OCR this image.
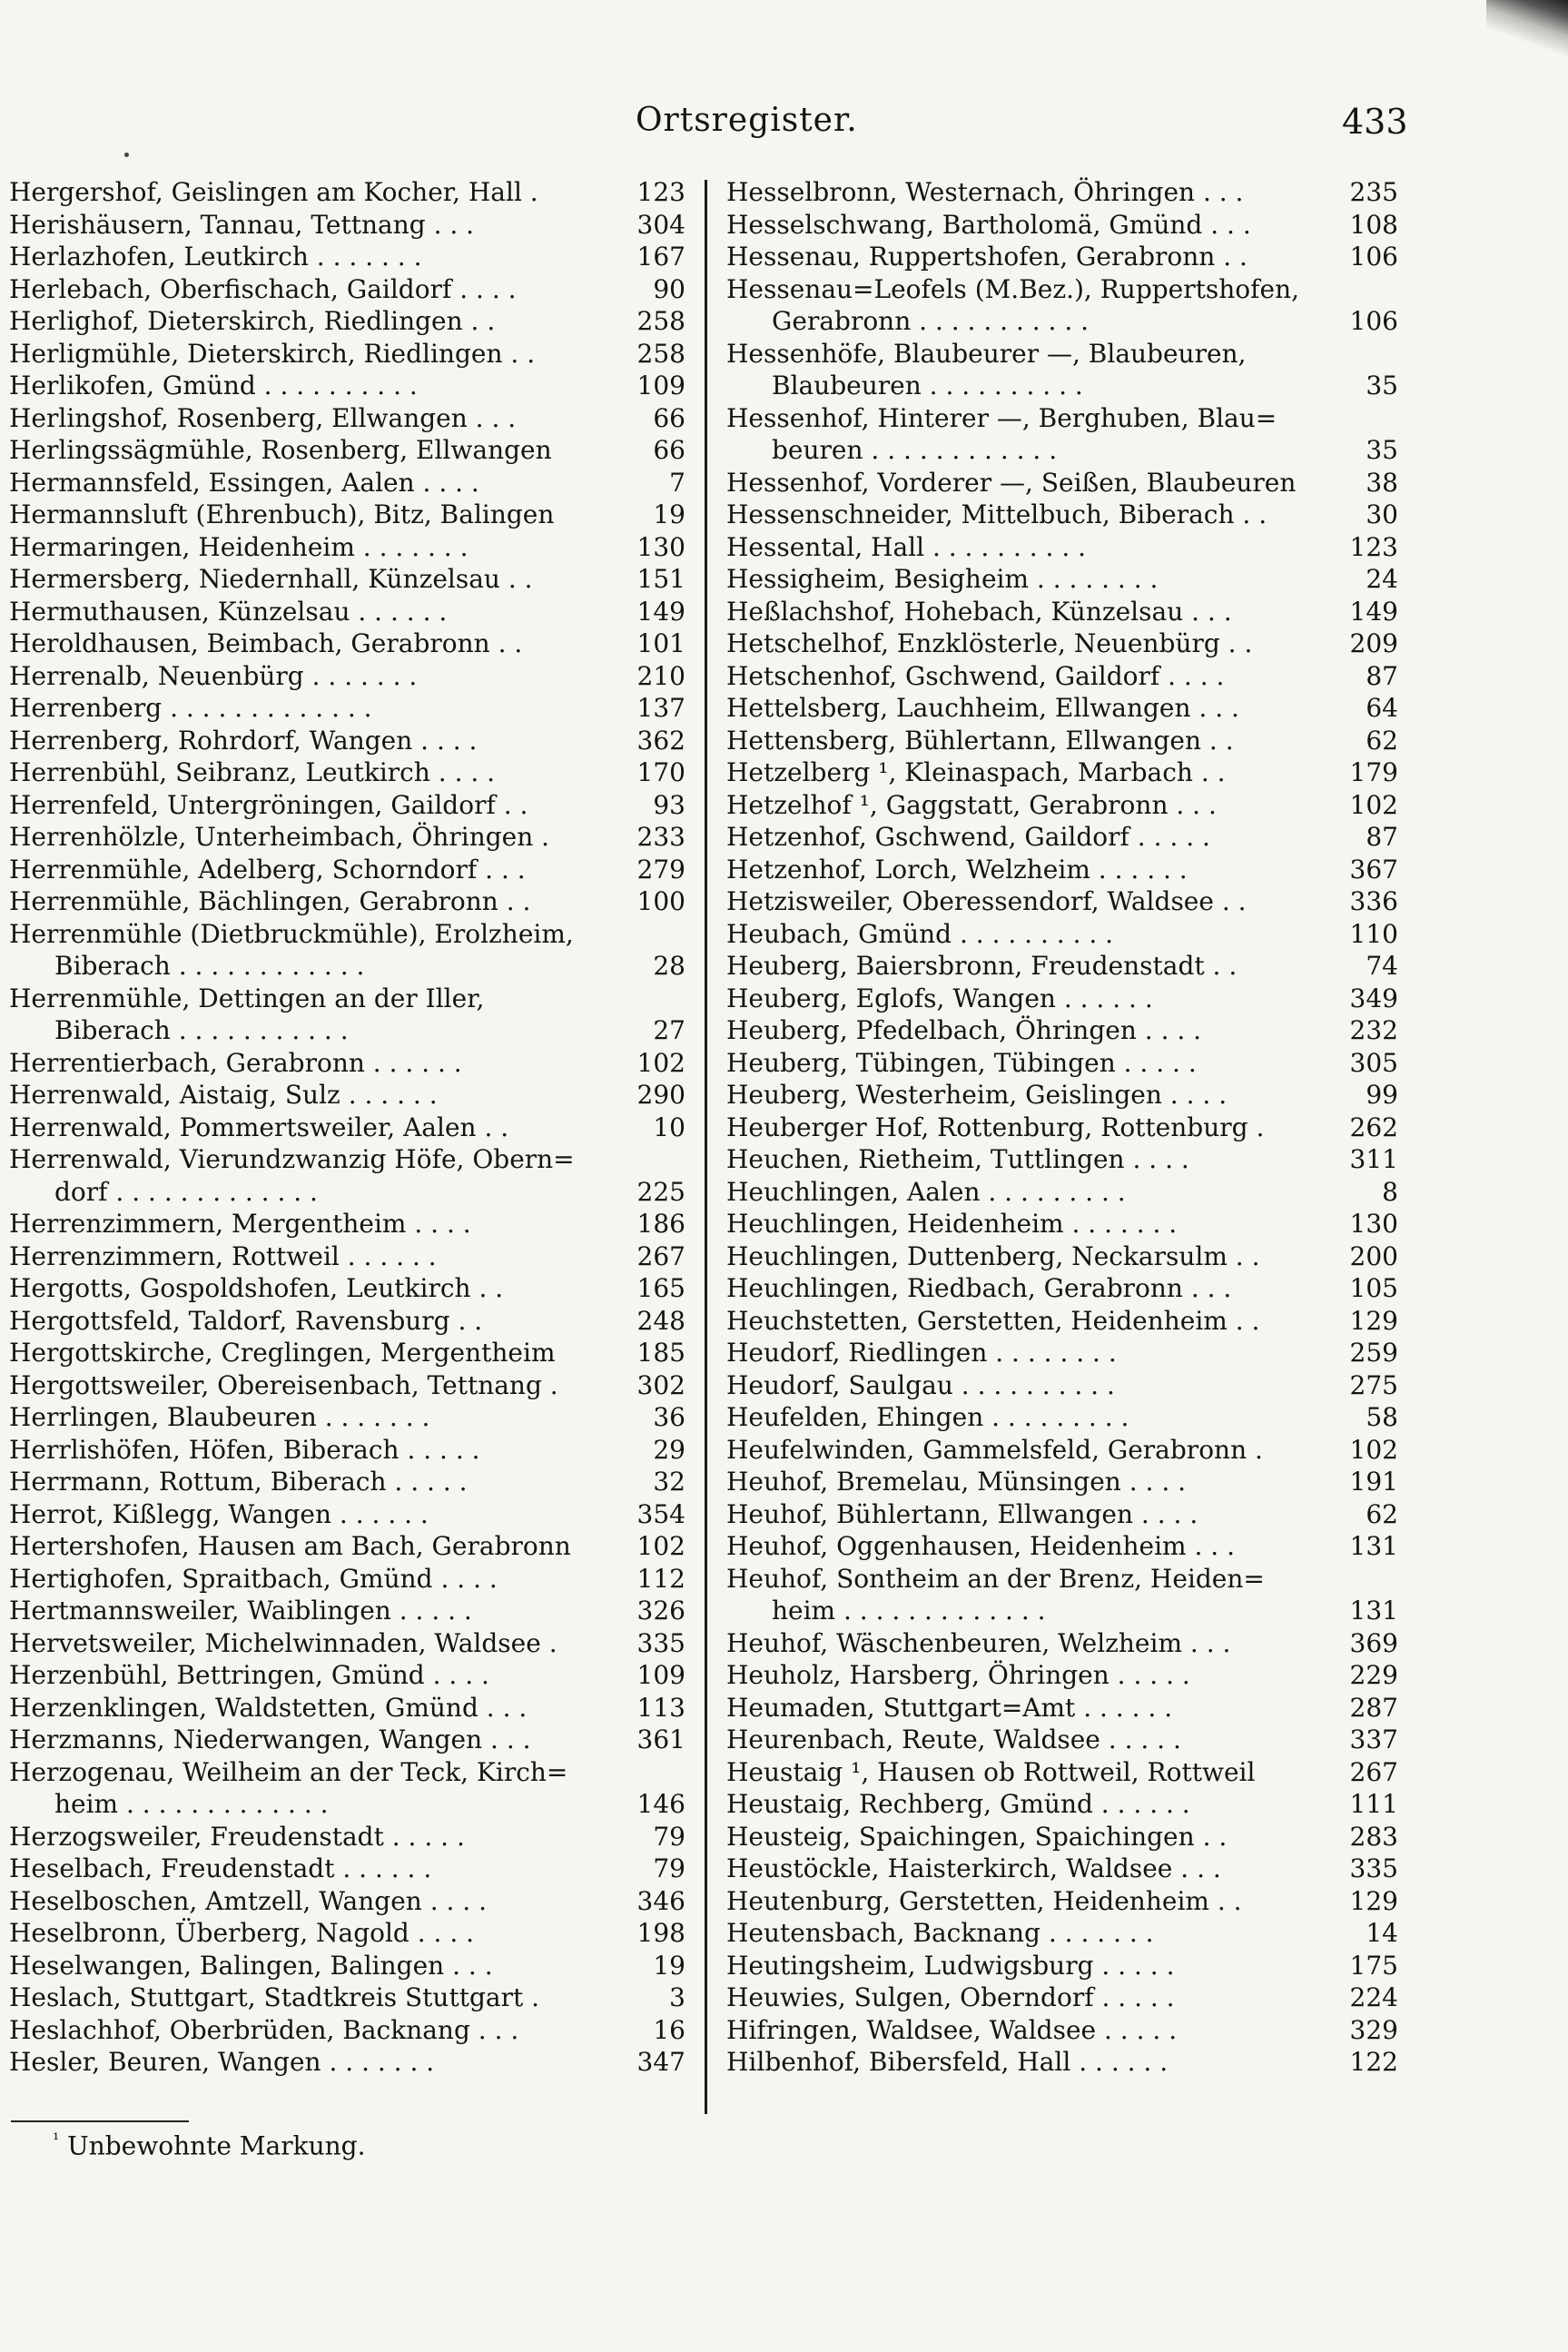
Ortsregister.	433
Hergershof, Geislingen am Kocher, Hall .	123
Herishäusern, Tannau, Tettnang . . .	304
Herlazhofen, Leutkirch . . . . . . .	167
Herlebach, Oberfischach, Gaildorf . . . .	90
Herlighof, Dieterskirch, Riedlingen . .	258
Herligmühle, Dieterskirch, Riedlingen . .	258
Herlikofen, Gmünd . . . . . . . . . .	109
Herlingshof, Rosenberg, Ellwangen . . .	66
Herlingssägmühle, Rosenberg, Ellwangen	66
Hermannsfeld, Essingen, Aalen . . . .	7
Hermannsluft (Ehrenbuch), Bitz, Balingen	19
Hermaringen, Heidenheim . . . . . . .	130
Hermersberg, Niedernhall, Künzelsau . .	151
Hermuthausen, Künzelsau . . . . . .	149
Heroldhausen, Beimbach, Gerabronn . .	101
Herrenalb, Neuenbürg . . . . . . .	210
Herrenberg . . . . . . . . . . . . .	137
Herrenberg, Rohrdorf, Wangen . . . .	362
Herrenbühl, Seibranz, Leutkirch . . . .	170
Herrenfeld, Untergröningen, Gaildorf . .	93
Herrenhölzle, Unterheimbach, Öhringen .	233
Herrenmühle, Adelberg, Schorndorf . . .	279
Herrenmühle, Bächlingen, Gerabronn . .	100
Herrenmühle (Dietbruckmühle), Erolzheim,
Biberach . . . . . . . . . . . .	28
Herrenmühle, Dettingen an der Iller,
Biberach . . . . . . . . . . .	27
Herrentierbach, Gerabronn . . . . . .	102
Herrenwald, Aistaig, Sulz . . . . . .	290
Herrenwald, Pommertsweiler, Aalen . .	10
Herrenwald, Vierundzwanzig Höfe, Obern=
dorf . . . . . . . . . . . . .	225
Herrenzimmern, Mergentheim . . . .	186
Herrenzimmern, Rottweil . . . . . .	267
Hergotts, Gospoldshofen, Leutkirch . .	165
Hergottsfeld, Taldorf, Ravensburg . .	248
Hergottskirche, Creglingen, Mergentheim	185
Hergottsweiler, Obereisenbach, Tettnang .	302
Herrlingen, Blaubeuren . . . . . . .	36
Herrlishöfen, Höfen, Biberach . . . . .	29
Herrmann, Rottum, Biberach . . . . .	32
Herrot, Kißlegg, Wangen . . . . . .	354
Hertershofen, Hausen am Bach, Gerabronn	102
Hertighofen, Spraitbach, Gmünd . . . .	112
Hertmannsweiler, Waiblingen . . . . .	326
Hervetsweiler, Michelwinnaden, Waldsee .	335
Herzenbühl, Bettringen, Gmünd . . . .	109
Herzenklingen, Waldstetten, Gmünd . . .	113
Herzmanns, Niederwangen, Wangen . . .	361
Herzogenau, Weilheim an der Teck, Kirch=
heim . . . . . . . . . . . . .	146
Herzogsweiler, Freudenstadt . . . . .	79
Heselbach, Freudenstadt . . . . . .	79
Heselboschen, Amtzell, Wangen . . . .	346
Heselbronn, Überberg, Nagold . . . .	198
Heselwangen, Balingen, Balingen . . .	19
Heslach, Stuttgart, Stadtkreis Stuttgart .	3
Heslachhof, Oberbrüden, Backnang . . .	16
Hesler, Beuren, Wangen . . . . . . .	347
Hesselbronn, Westernach, Öhringen . . .	235
Hesselschwang, Bartholomä, Gmünd . . .	108
Hessenau, Ruppertshofen, Gerabronn . .	106
Hessenau=Leofels (M.Bez.), Ruppertshofen,
Gerabronn . . . . . . . . . . .	106
Hessenhöfe, Blaubeurer —, Blaubeuren,
Blaubeuren . . . . . . . . . .	35
Hessenhof, Hinterer —, Berghuben, Blau=
beuren . . . . . . . . . . . .	35
Hessenhof, Vorderer —, Seißen, Blaubeuren	38
Hessenschneider, Mittelbuch, Biberach . .	30
Hessental, Hall . . . . . . . . . .	123
Hessigheim, Besigheim . . . . . . . .	24
Heßlachshof, Hohebach, Künzelsau . . .	149
Hetschelhof, Enzklösterle, Neuenbürg . .	209
Hetschenhof, Gschwend, Gaildorf . . . .	87
Hettelsberg, Lauchheim, Ellwangen . . .	64
Hettensberg, Bühlertann, Ellwangen . .	62
Hetzelberg ¹, Kleinaspach, Marbach . .	179
Hetzelhof ¹, Gaggstatt, Gerabronn . . .	102
Hetzenhof, Gschwend, Gaildorf . . . . .	87
Hetzenhof, Lorch, Welzheim . . . . . .	367
Hetzisweiler, Oberessendorf, Waldsee . .	336
Heubach, Gmünd . . . . . . . . . .	110
Heuberg, Baiersbronn, Freudenstadt . .	74
Heuberg, Eglofs, Wangen . . . . . .	349
Heuberg, Pfedelbach, Öhringen . . . .	232
Heuberg, Tübingen, Tübingen . . . . .	305
Heuberg, Westerheim, Geislingen . . . .	99
Heuberger Hof, Rottenburg, Rottenburg .	262
Heuchen, Rietheim, Tuttlingen . . . .	311
Heuchlingen, Aalen . . . . . . . . .	8
Heuchlingen, Heidenheim . . . . . . .	130
Heuchlingen, Duttenberg, Neckarsulm . .	200
Heuchlingen, Riedbach, Gerabronn . . .	105
Heuchstetten, Gerstetten, Heidenheim . .	129
Heudorf, Riedlingen . . . . . . . .	259
Heudorf, Saulgau . . . . . . . . . .	275
Heufelden, Ehingen . . . . . . . . .	58
Heufelwinden, Gammelsfeld, Gerabronn .	102
Heuhof, Bremelau, Münsingen . . . .	191
Heuhof, Bühlertann, Ellwangen . . . .	62
Heuhof, Oggenhausen, Heidenheim . . .	131
Heuhof, Sontheim an der Brenz, Heiden=
heim . . . . . . . . . . . . .	131
Heuhof, Wäschenbeuren, Welzheim . . .	369
Heuholz, Harsberg, Öhringen . . . . .	229
Heumaden, Stuttgart=Amt . . . . . .	287
Heurenbach, Reute, Waldsee . . . . .	337
Heustaig ¹, Hausen ob Rottweil, Rottweil	267
Heustaig, Rechberg, Gmünd . . . . . .	111
Heusteig, Spaichingen, Spaichingen . .	283
Heustöckle, Haisterkirch, Waldsee . . .	335
Heutenburg, Gerstetten, Heidenheim . .	129
Heutensbach, Backnang . . . . . . .	14
Heutingsheim, Ludwigsburg . . . . .	175
Heuwies, Sulgen, Oberndorf . . . . .	224
Hifringen, Waldsee, Waldsee . . . . .	329
Hilbenhof, Bibersfeld, Hall . . . . . .	122
$^{^1}$ Unbewohnte Markung.
